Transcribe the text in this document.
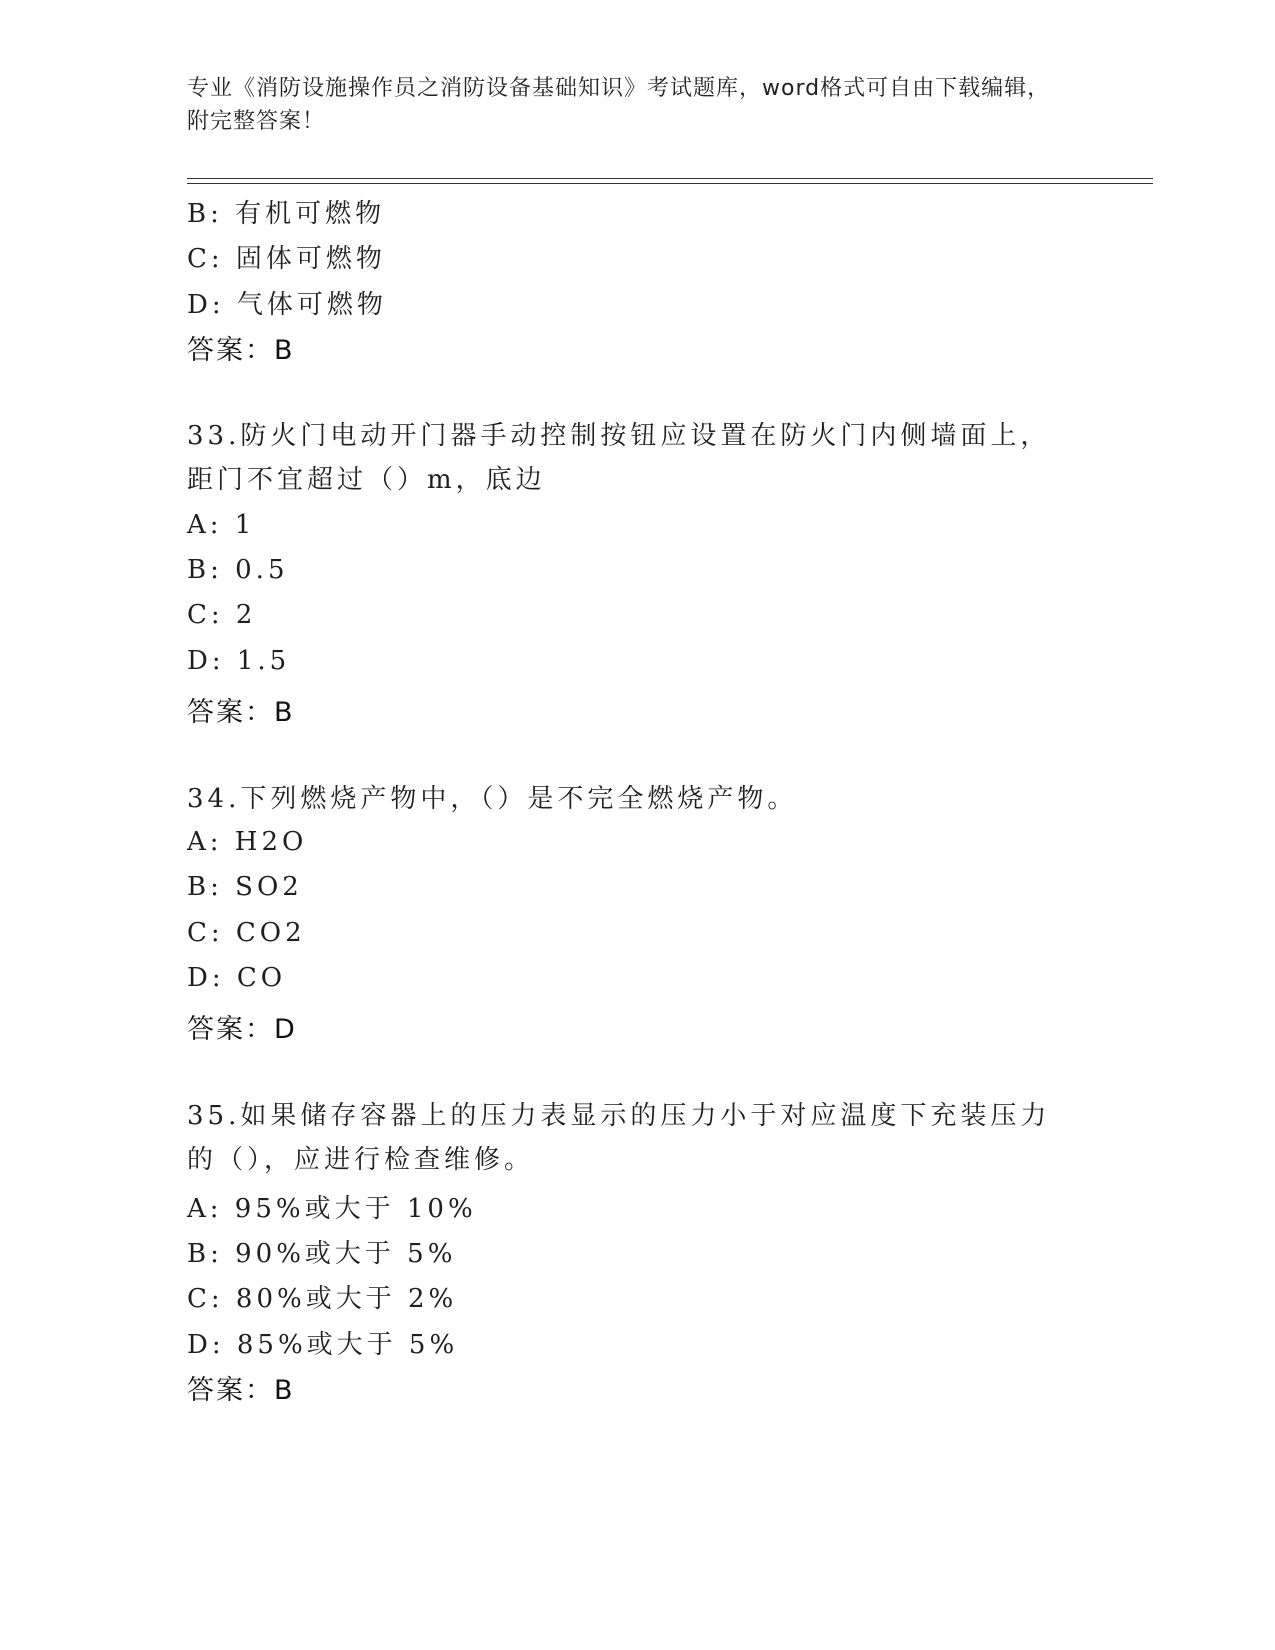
专业《消防设施操作员之消防设备基础知识》考试题库，word格式可自由下载编辑，附完整答案！
B: 有机可燃物
C: 固体可燃物
D: 气体可燃物
答案：B
33.防火门电动开门器手动控制按钮应设置在防火门内侧墙面上，距门不宜超过（）m，底边
A: 1
B: 0.5
C: 2
D: 1.5
答案：B
34.下列燃烧产物中，（）是不完全燃烧产物。
A: H2O
B: SO2
C: CO2
D: CO
答案：D
35.如果储存容器上的压力表显示的压力小于对应温度下充装压力的（），应进行检查维修。
A: 95%或大于 10%
B: 90%或大于 5%
C: 80%或大于 2%
D: 85%或大于 5%
答案：B
